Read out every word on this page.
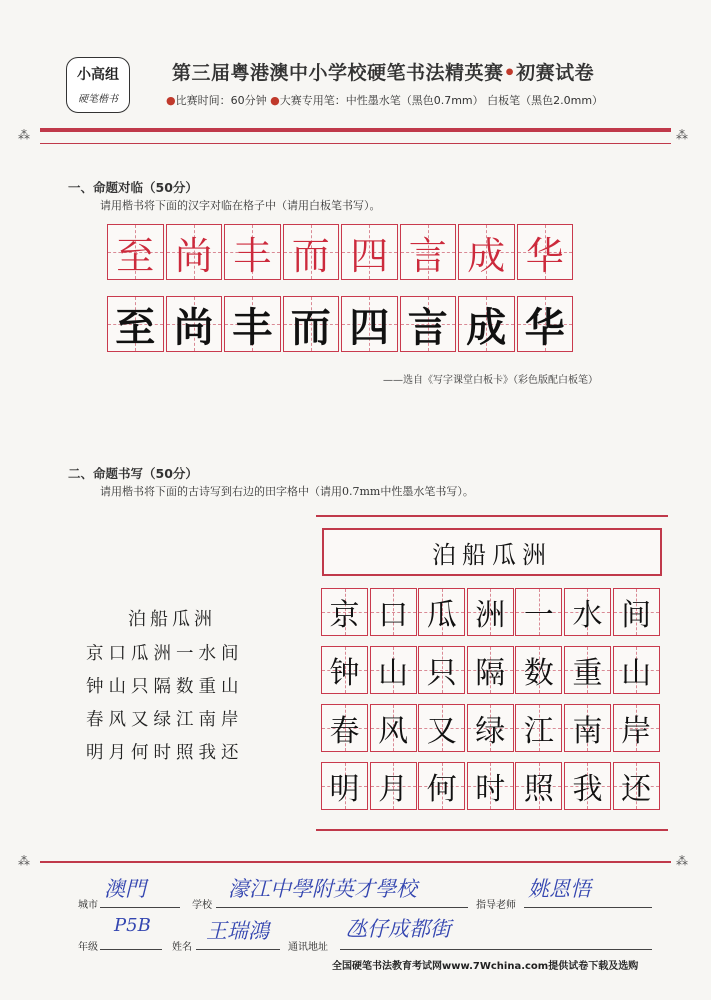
小高组
硬笔楷书
第三届粤港澳中小学校硬笔书法精英赛•初赛试卷
●比赛时间：60分钟 ●大赛专用笔：中性墨水笔（黑色0.7mm） 白板笔（黑色2.0mm）
⁂	⁂
一、命题对临（50分）
请用楷书将下面的汉字对临在格子中（请用白板笔书写）。
至 尚 丰 而 四 言 成 华
至 尚 丰 而 四 言 成 华
——选自《写字课堂白板卡》（彩色版配白板笔）
二、命题书写（50分）
请用楷书将下面的古诗写到右边的田字格中（请用0.7mm中性墨水笔书写）。
泊船瓜洲
京口瓜洲一水间
钟山只隔数重山
春风又绿江南岸
明月何时照我还
泊船瓜洲
京 口 瓜 洲 一 水 间
钟 山 只 隔 数 重 山
春 风 又 绿 江 南 岸
明 月 何 时 照 我 还
⁂	⁂
城市
澳門
学校
濠江中學附英才學校
指导老师
姚恩悟
年级
P5B
姓名
王瑞鴻
通讯地址
氹仔成都街
全国硬笔书法教育考试网www.7Wchina.com提供试卷下载及选购
